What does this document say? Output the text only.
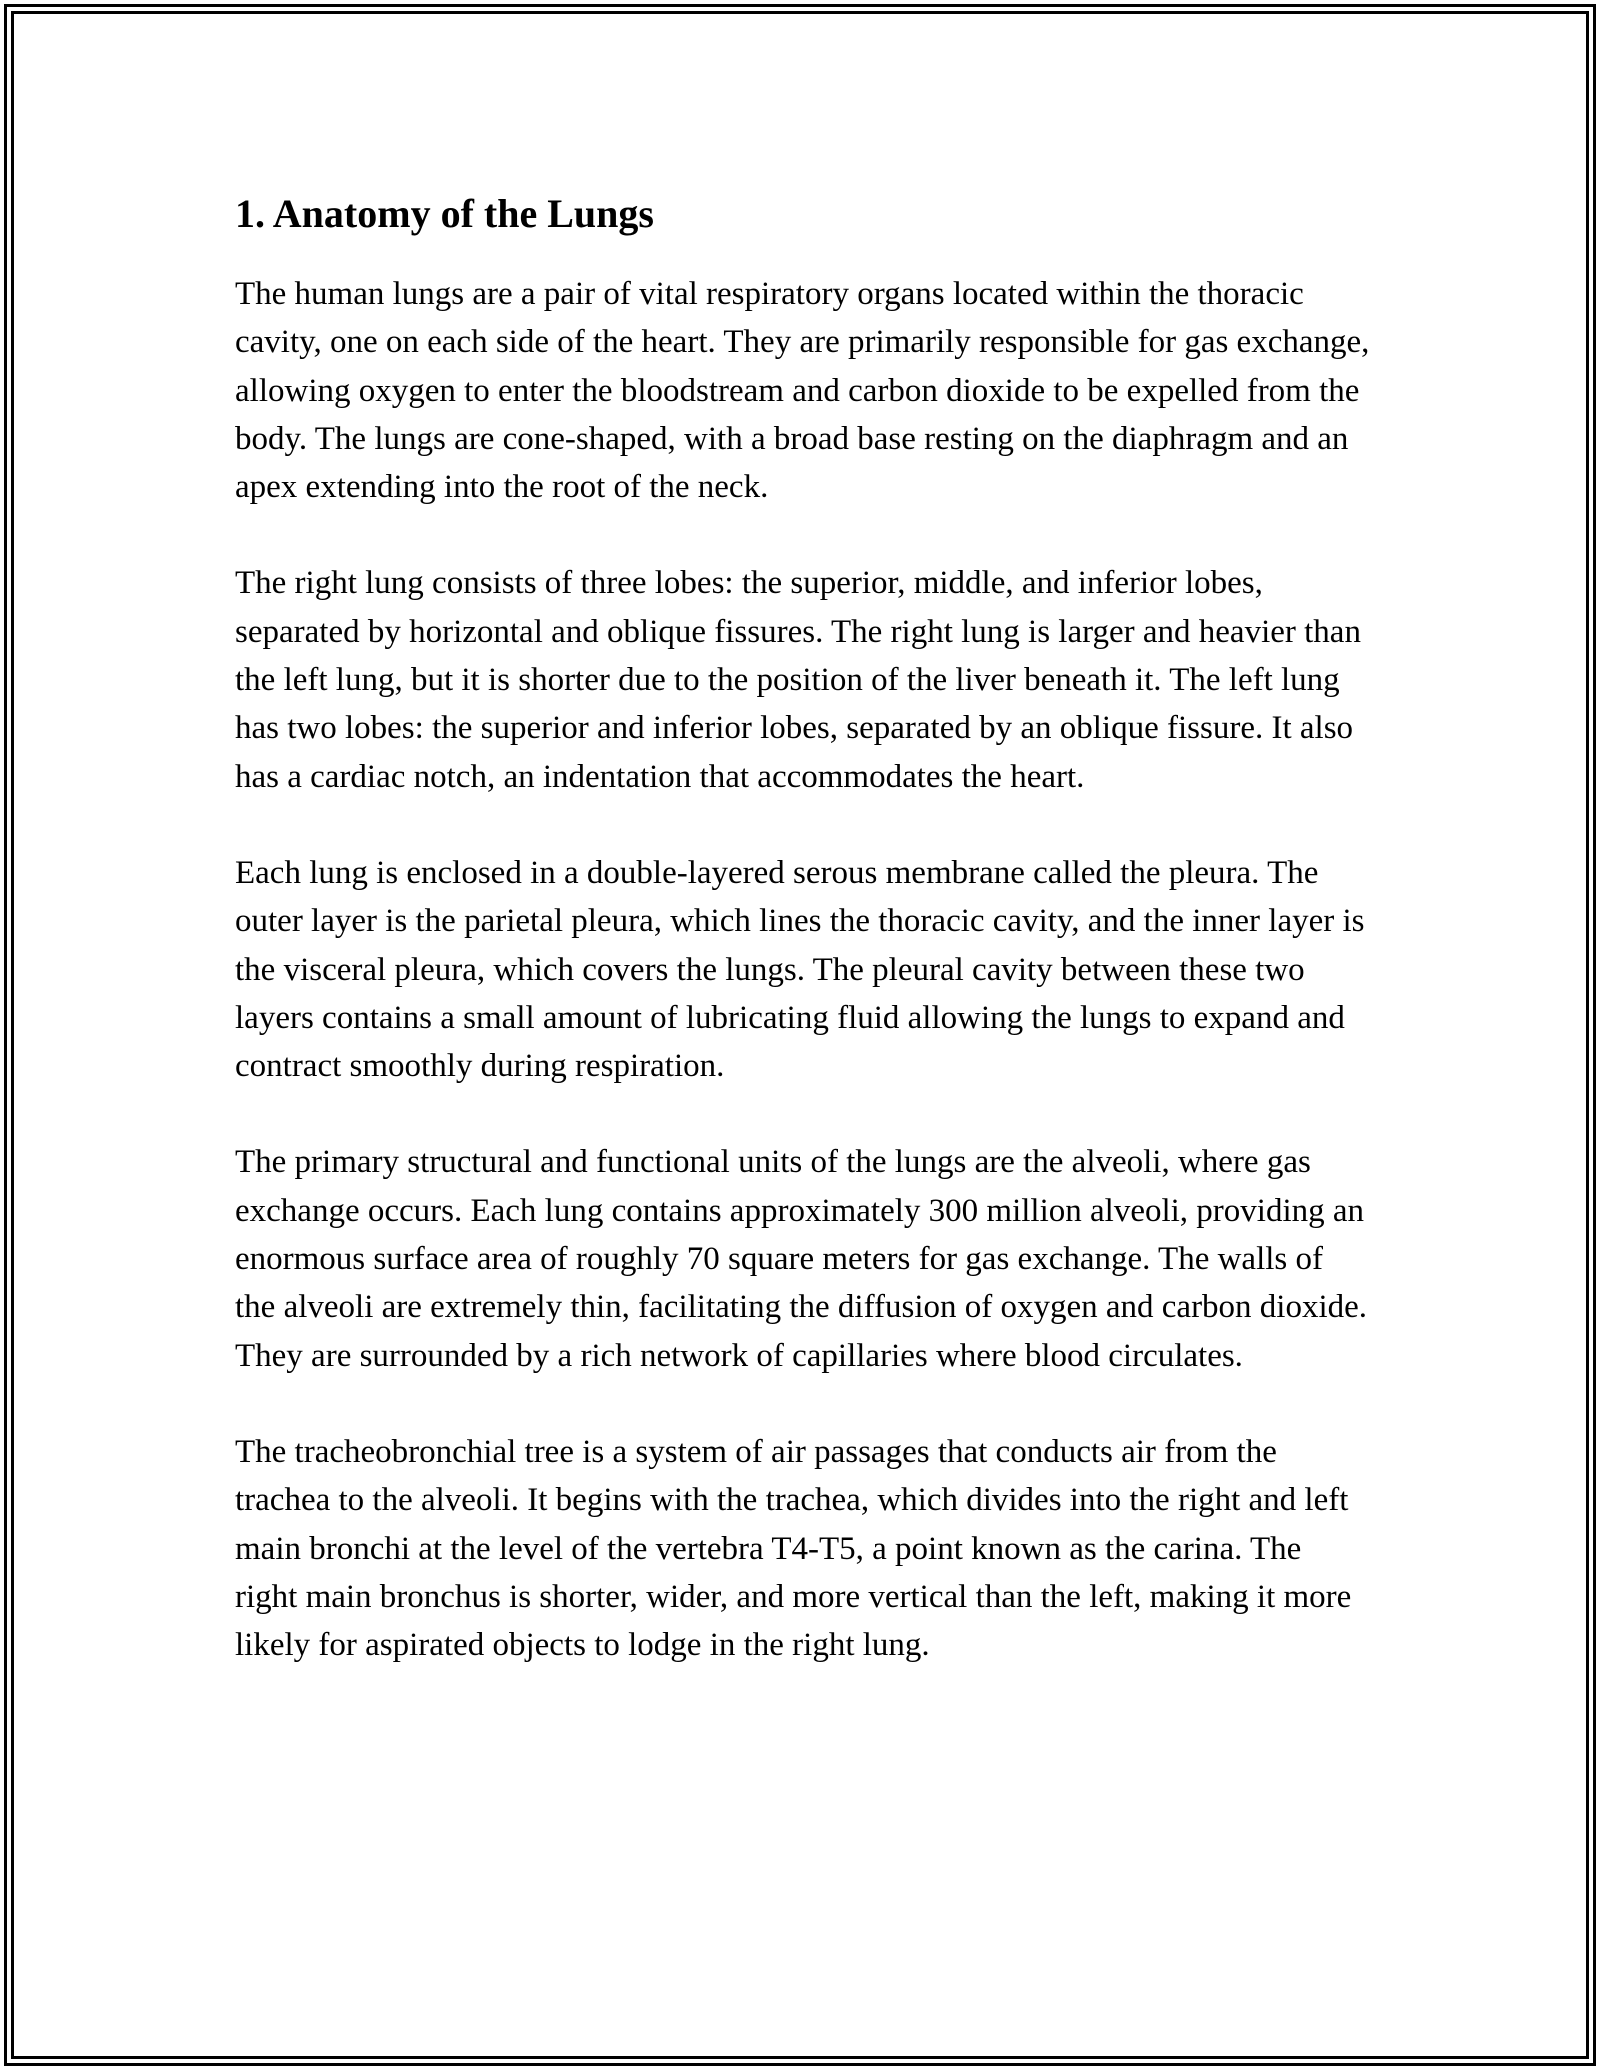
1. Anatomy of the Lungs

The human lungs are a pair of vital respiratory organs located within the thoracic cavity, one on each side of the heart. They are primarily responsible for gas exchange, allowing oxygen to enter the bloodstream and carbon dioxide to be expelled from the body. The lungs are cone-shaped, with a broad base resting on the diaphragm and an apex extending into the root of the neck.

The right lung consists of three lobes: the superior, middle, and inferior lobes, separated by horizontal and oblique fissures. The right lung is larger and heavier than the left lung, but it is shorter due to the position of the liver beneath it. The left lung has two lobes: the superior and inferior lobes, separated by an oblique fissure. It also has a cardiac notch, an indentation that accommodates the heart.

Each lung is enclosed in a double-layered serous membrane called the pleura. The outer layer is the parietal pleura, which lines the thoracic cavity, and the inner layer is the visceral pleura, which covers the lungs. The pleural cavity between these two layers contains a small amount of lubricating fluid allowing the lungs to expand and contract smoothly during respiration.

The primary structural and functional units of the lungs are the alveoli, where gas exchange occurs. Each lung contains approximately 300 million alveoli, providing an enormous surface area of roughly 70 square meters for gas exchange. The walls of the alveoli are extremely thin, facilitating the diffusion of oxygen and carbon dioxide. They are surrounded by a rich network of capillaries where blood circulates.

The tracheobronchial tree is a system of air passages that conducts air from the trachea to the alveoli. It begins with the trachea, which divides into the right and left main bronchi at the level of the vertebra T4-T5, a point known as the carina. The right main bronchus is shorter, wider, and more vertical than the left, making it more likely for aspirated objects to lodge in the right lung.
